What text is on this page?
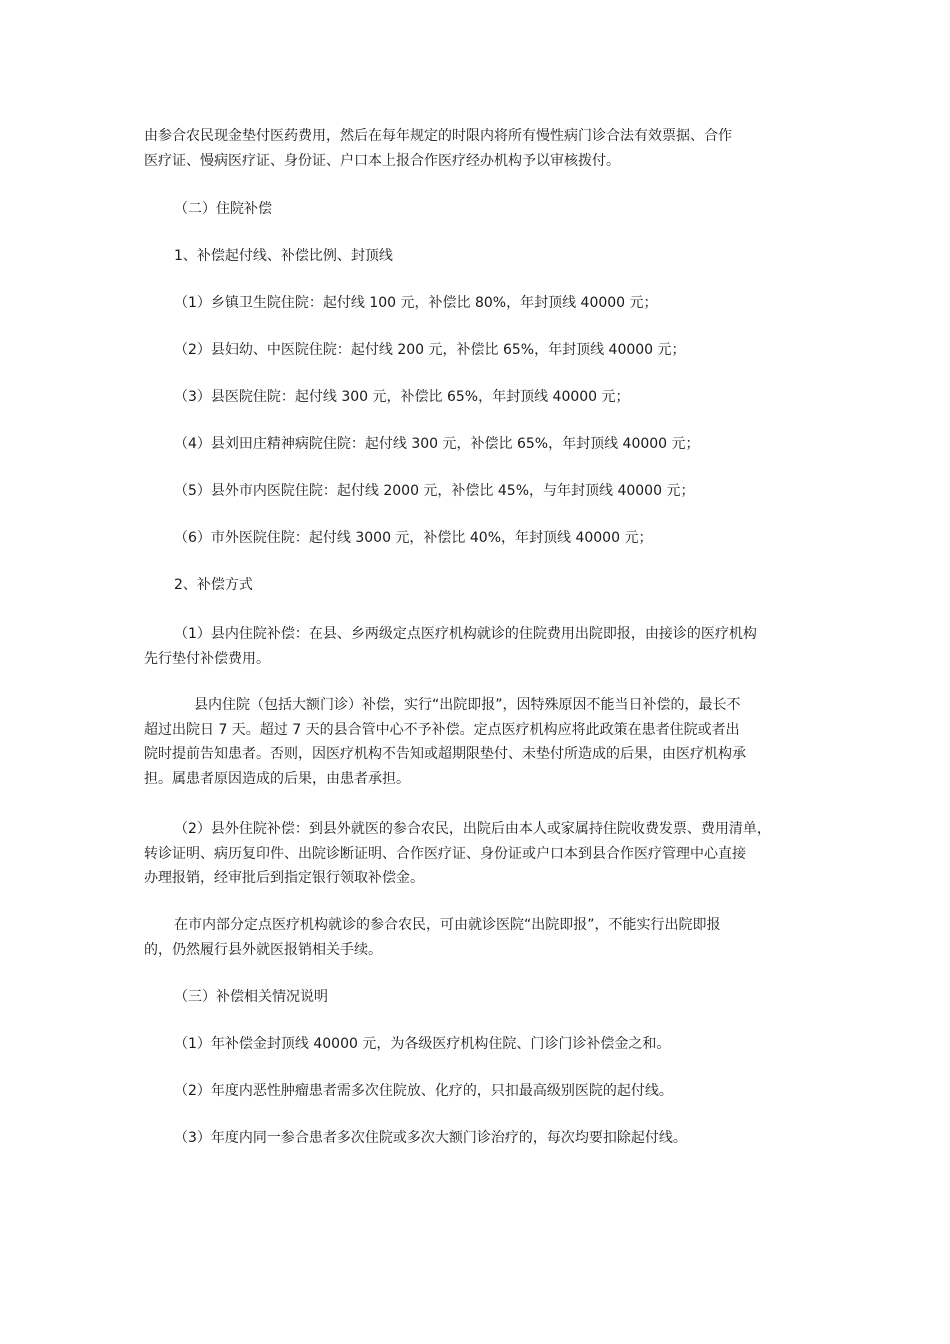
由参合农民现金垫付医药费用，然后在每年规定的时限内将所有慢性病门诊合法有效票据、合作
医疗证、慢病医疗证、身份证、户口本上报合作医疗经办机构予以审核拨付。

（二）住院补偿

1、补偿起付线、补偿比例、封顶线

（1）乡镇卫生院住院：起付线 100 元，补偿比 80%，年封顶线 40000 元；

（2）县妇幼、中医院住院：起付线 200 元，补偿比 65%，年封顶线 40000 元；

（3）县医院住院：起付线 300 元，补偿比 65%，年封顶线 40000 元；

（4）县刘田庄精神病院住院：起付线 300 元，补偿比 65%，年封顶线 40000 元；

（5）县外市内医院住院：起付线 2000 元，补偿比 45%，与年封顶线 40000 元；

（6）市外医院住院：起付线 3000 元，补偿比 40%，年封顶线 40000 元；

2、补偿方式

（1）县内住院补偿：在县、乡两级定点医疗机构就诊的住院费用出院即报，由接诊的医疗机构
先行垫付补偿费用。
县内住院（包括大额门诊）补偿，实行“出院即报”，因特殊原因不能当日补偿的，最长不
超过出院日 7 天。超过 7 天的县合管中心不予补偿。定点医疗机构应将此政策在患者住院或者出
院时提前告知患者。否则，因医疗机构不告知或超期限垫付、未垫付所造成的后果，由医疗机构承
担。属患者原因造成的后果，由患者承担。
（2）县外住院补偿：到县外就医的参合农民，出院后由本人或家属持住院收费发票、费用清单，
转诊证明、病历复印件、出院诊断证明、合作医疗证、身份证或户口本到县合作医疗管理中心直接
办理报销，经审批后到指定银行领取补偿金。
在市内部分定点医疗机构就诊的参合农民，可由就诊医院“出院即报”，不能实行出院即报
的，仍然履行县外就医报销相关手续。

（三）补偿相关情况说明

（1）年补偿金封顶线 40000 元，为各级医疗机构住院、门诊门诊补偿金之和。

（2）年度内恶性肿瘤患者需多次住院放、化疗的，只扣最高级别医院的起付线。

（3）年度内同一参合患者多次住院或多次大额门诊治疗的，每次均要扣除起付线。
